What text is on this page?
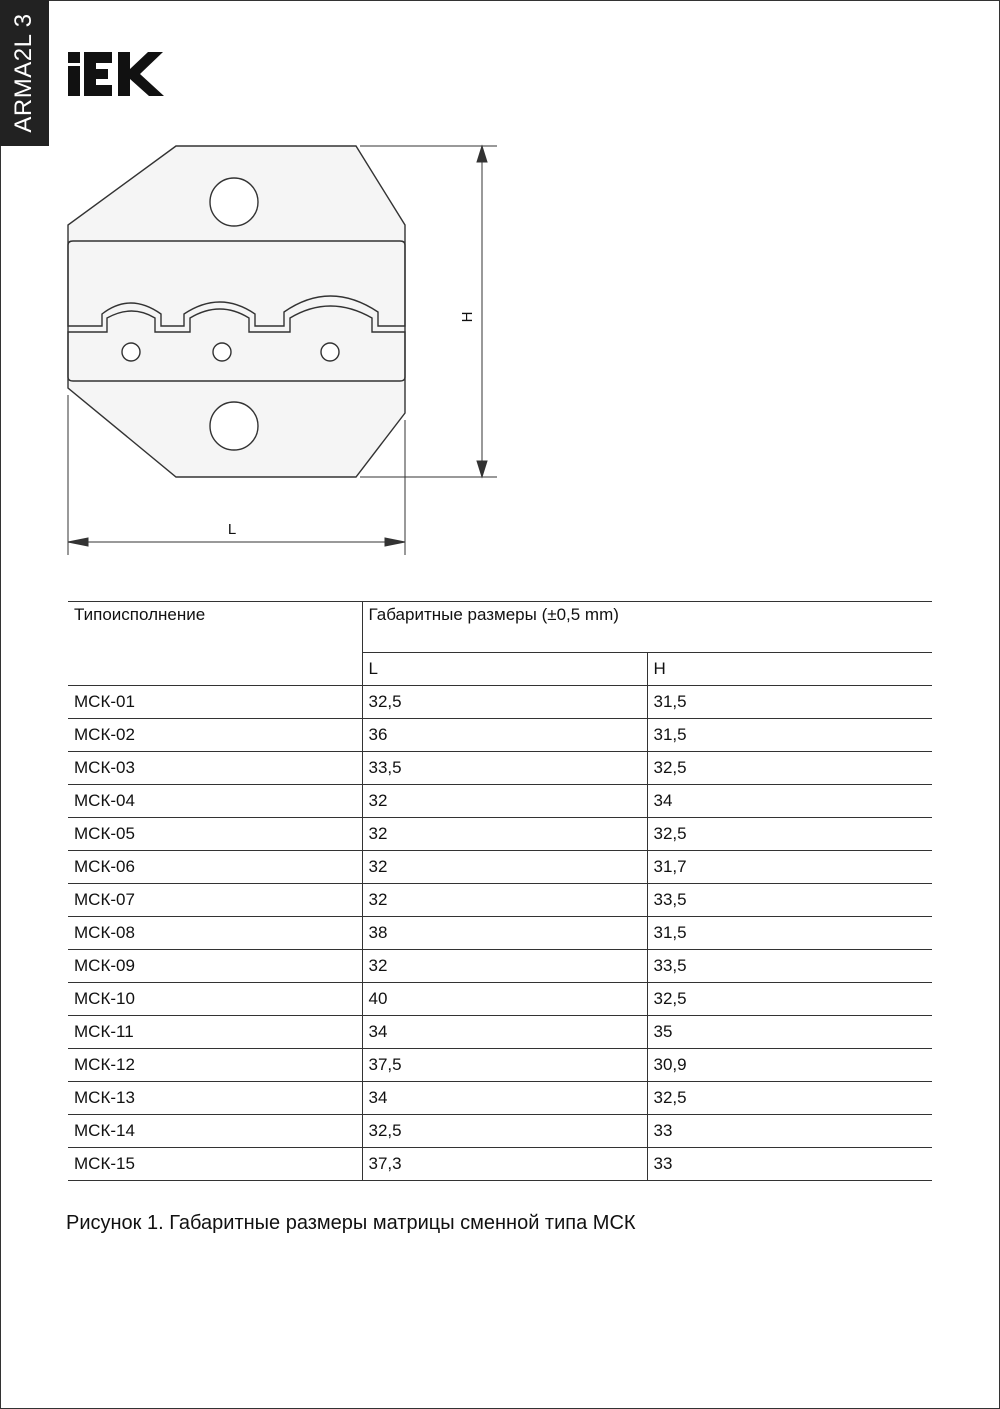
ARMA2L 3
H
L
Типоисполнение	Габаритные размеры (±0,5 mm)	
	L	H
МСК-01	32,5	31,5
МСК-02	36	31,5
МСК-03	33,5	32,5
МСК-04	32	34
МСК-05	32	32,5
МСК-06	32	31,7
МСК-07	32	33,5
МСК-08	38	31,5
МСК-09	32	33,5
МСК-10	40	32,5
МСК-11	34	35
МСК-12	37,5	30,9
МСК-13	34	32,5
МСК-14	32,5	33
МСК-15	37,3	33
Рисунок 1. Габаритные размеры матрицы сменной типа МСК
